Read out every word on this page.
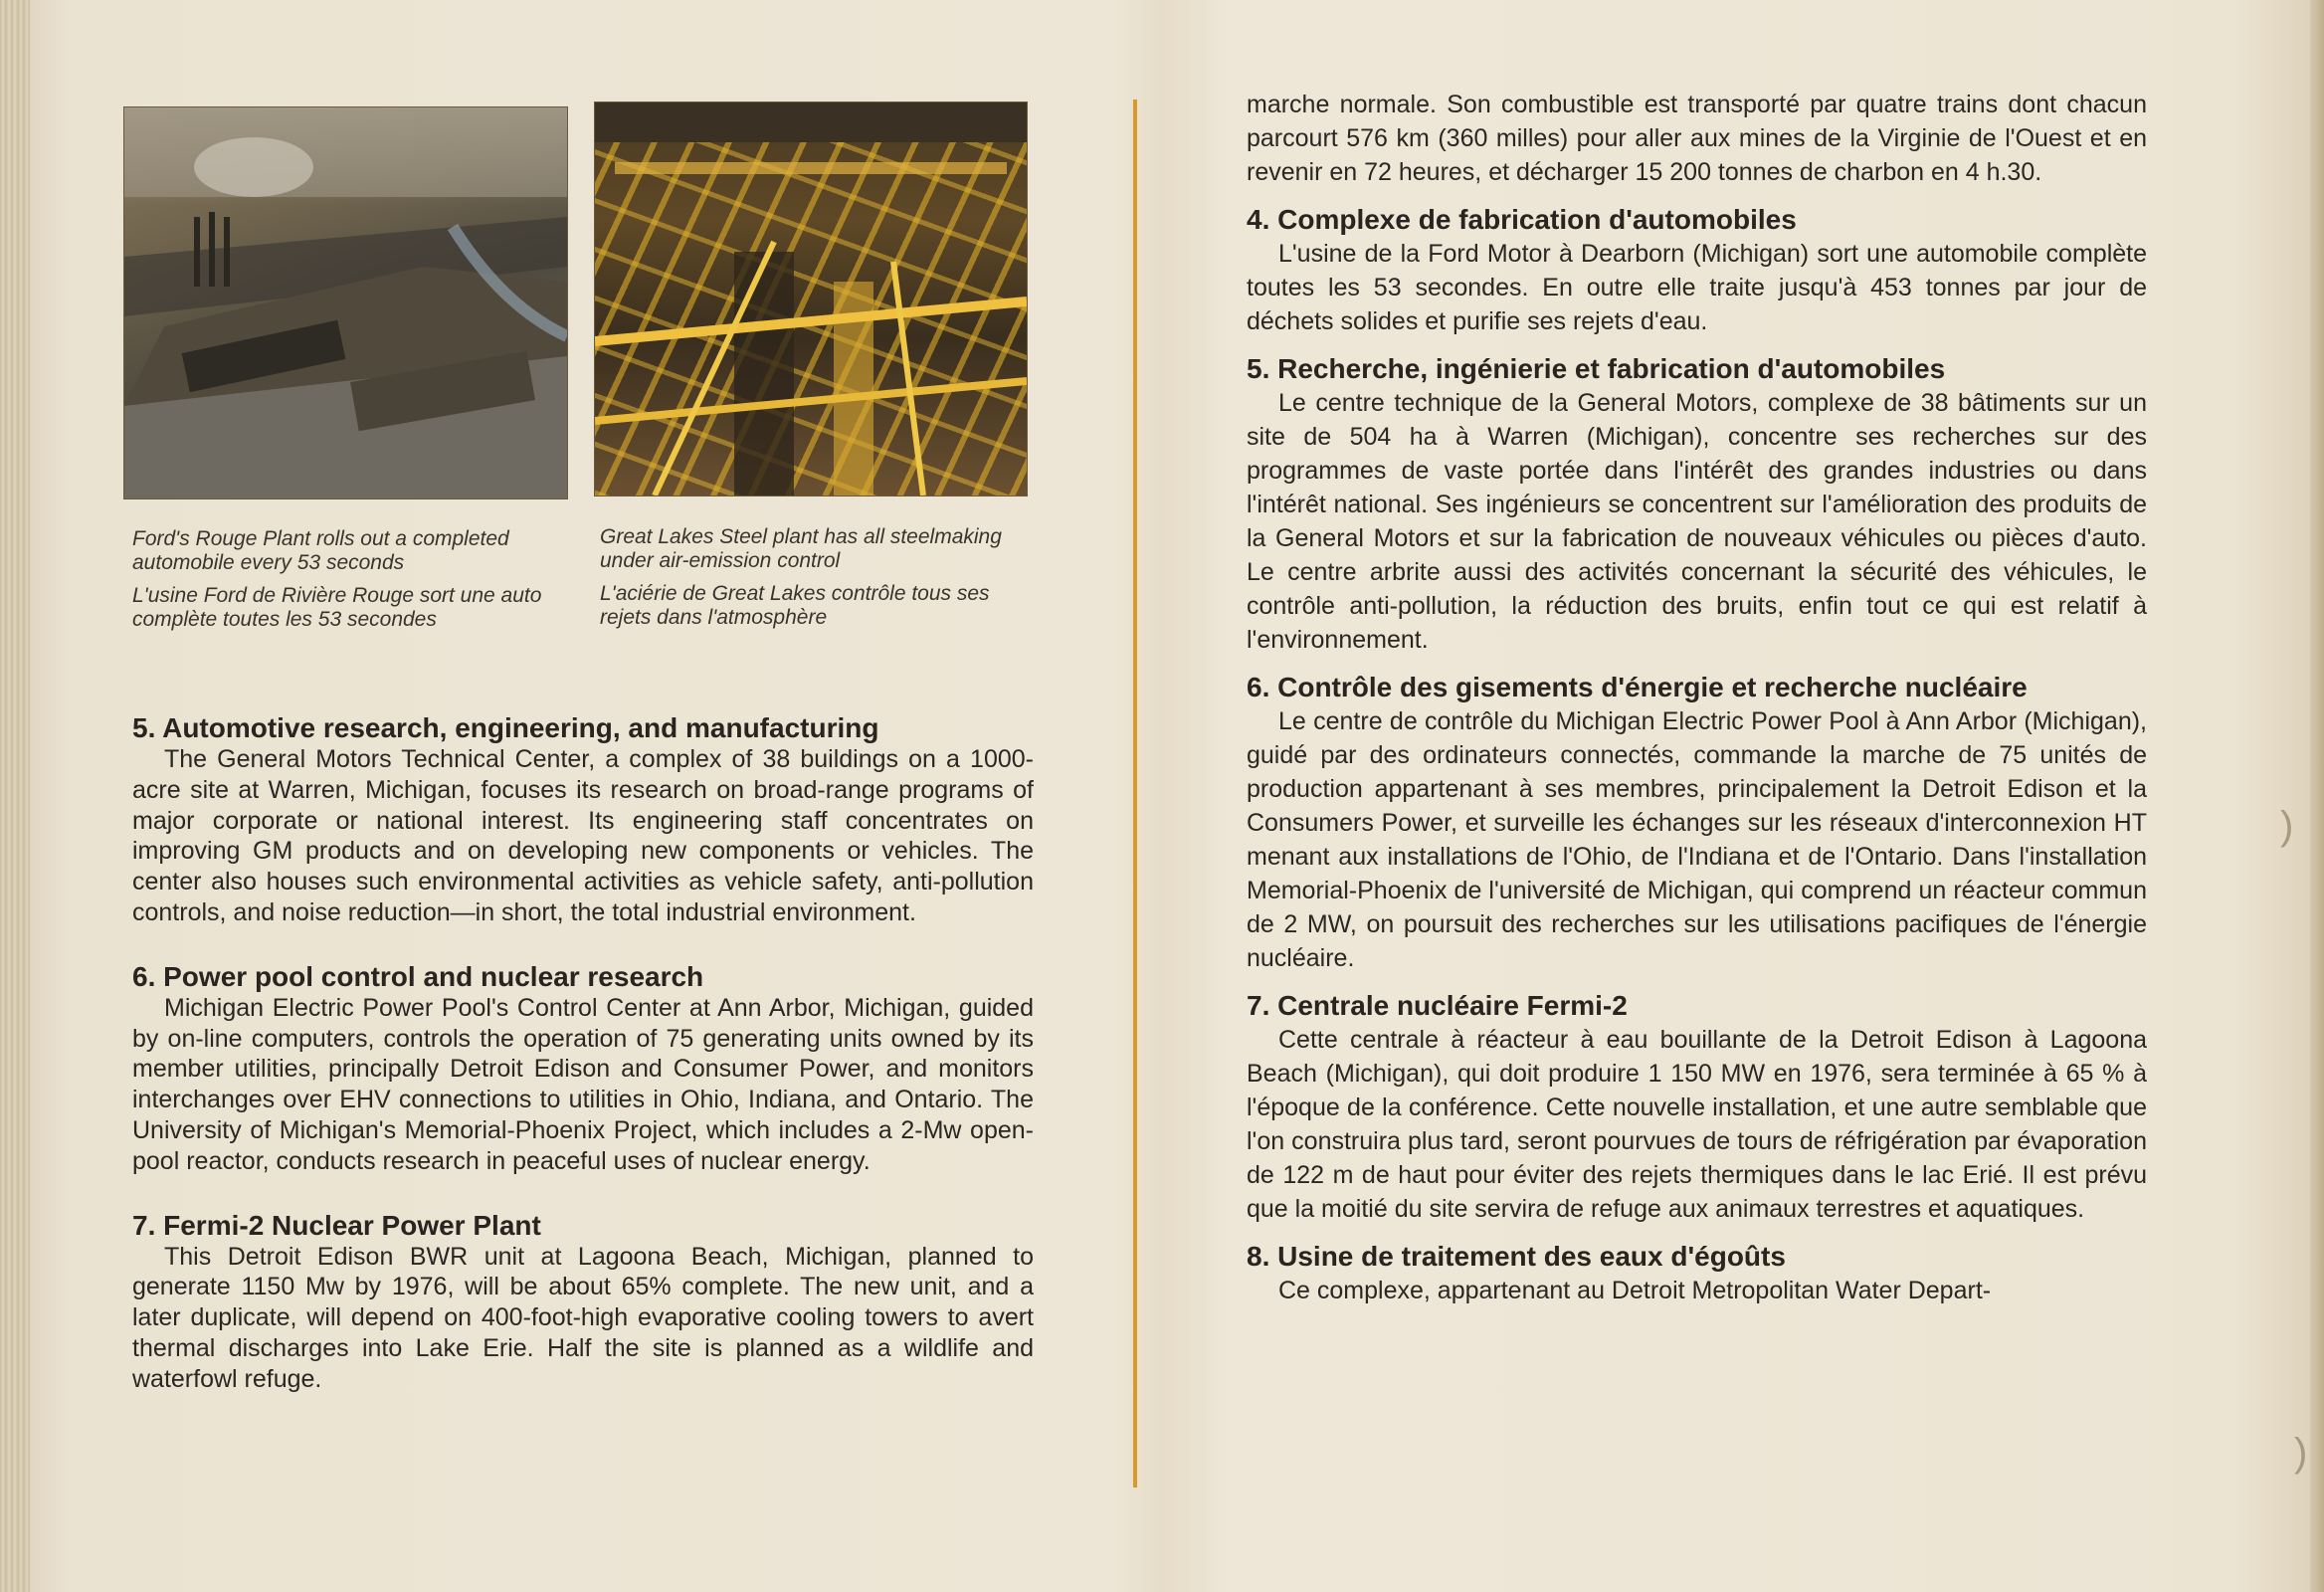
Ford's Rouge Plant rolls out a completed automobile every 53 seconds

L'usine Ford de Rivière Rouge sort une auto complète toutes les 53 secondes

Great Lakes Steel plant has all steelmaking under air-emission control

L'aciérie de Great Lakes contrôle tous ses rejets dans l'atmosphère

5. Automotive research, engineering, and manufacturing

The General Motors Technical Center, a complex of 38 buildings on a 1000-acre site at Warren, Michigan, focuses its research on broad-range programs of major corporate or national interest. Its engineering staff concentrates on improving GM products and on developing new components or vehicles. The center also houses such environmental activities as vehicle safety, anti-pollution controls, and noise reduction—in short, the total industrial environment.

6. Power pool control and nuclear research

Michigan Electric Power Pool's Control Center at Ann Arbor, Michigan, guided by on-line computers, controls the operation of 75 generating units owned by its member utilities, principally Detroit Edison and Consumer Power, and monitors interchanges over EHV connections to utilities in Ohio, Indiana, and Ontario. The University of Michigan's Memorial-Phoenix Project, which includes a 2-Mw open-pool reactor, conducts research in peaceful uses of nuclear energy.

7. Fermi-2 Nuclear Power Plant

This Detroit Edison BWR unit at Lagoona Beach, Michigan, planned to generate 1150 Mw by 1976, will be about 65% complete. The new unit, and a later duplicate, will depend on 400-foot-high evaporative cooling towers to avert thermal discharges into Lake Erie. Half the site is planned as a wildlife and waterfowl refuge.

marche normale. Son combustible est transporté par quatre trains dont chacun parcourt 576 km (360 milles) pour aller aux mines de la Virginie de l'Ouest et en revenir en 72 heures, et décharger 15 200 tonnes de charbon en 4 h.30.

4. Complexe de fabrication d'automobiles

L'usine de la Ford Motor à Dearborn (Michigan) sort une automobile complète toutes les 53 secondes. En outre elle traite jusqu'à 453 tonnes par jour de déchets solides et purifie ses rejets d'eau.

5. Recherche, ingénierie et fabrication d'automobiles

Le centre technique de la General Motors, complexe de 38 bâtiments sur un site de 504 ha à Warren (Michigan), concentre ses recherches sur des programmes de vaste portée dans l'intérêt des grandes industries ou dans l'intérêt national. Ses ingénieurs se concentrent sur l'amélioration des produits de la General Motors et sur la fabrication de nouveaux véhicules ou pièces d'auto. Le centre arbrite aussi des activités concernant la sécurité des véhicules, le contrôle anti-pollution, la réduction des bruits, enfin tout ce qui est relatif à l'environnement.

6. Contrôle des gisements d'énergie et recherche nucléaire

Le centre de contrôle du Michigan Electric Power Pool à Ann Arbor (Michigan), guidé par des ordinateurs connectés, commande la marche de 75 unités de production appartenant à ses membres, principalement la Detroit Edison et la Consumers Power, et surveille les échanges sur les réseaux d'interconnexion HT menant aux installations de l'Ohio, de l'Indiana et de l'Ontario. Dans l'installation Memorial-Phoenix de l'université de Michigan, qui comprend un réacteur commun de 2 MW, on poursuit des recherches sur les utilisations pacifiques de l'énergie nucléaire.

7. Centrale nucléaire Fermi-2

Cette centrale à réacteur à eau bouillante de la Detroit Edison à Lagoona Beach (Michigan), qui doit produire 1 150 MW en 1976, sera terminée à 65 % à l'époque de la conférence. Cette nouvelle installation, et une autre semblable que l'on construira plus tard, seront pourvues de tours de réfrigération par évaporation de 122 m de haut pour éviter des rejets thermiques dans le lac Erié. Il est prévu que la moitié du site servira de refuge aux animaux terrestres et aquatiques.

8. Usine de traitement des eaux d'égoûts

Ce complexe, appartenant au Detroit Metropolitan Water Depart-

)
)
